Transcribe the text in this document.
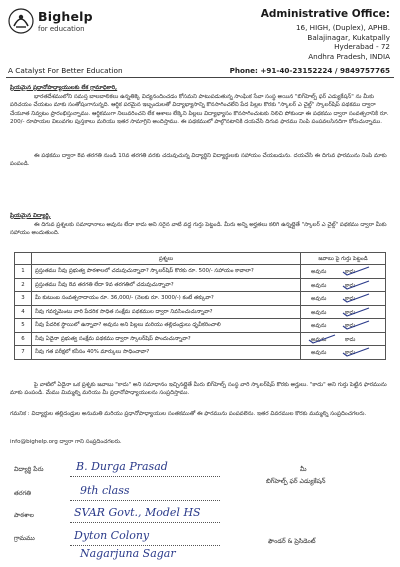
Bighelp
for education
A Catalyst For Better Education
Administrative Office:
16, HIGH, (Duplex), APHB.
Balajinagar, Kukatpally
Hyderabad - 72
Andhra Pradesh, INDIA
Phone: +91-40-23152224 / 9849757765
ప్రియమైన ప్రధానోపాధ్యాయులకు లేక గ్రామాధికారి,
భారతదేశములోని సమస్త బాలబాలికలు ఉన్నతిక్కె విద్యనందించడం కోసమని పాటుపడుతున్న సాంఘిక సేవా సంస్థ అయిన "బిగ్‌హెల్ప్ ఫర్ ఎడ్యుకేషన్" ను మీకు పరిచయం చేయటం మాకు సంతోషంగానున్నది. ఆర్థిక పరమైన ఇబ్బందులతో విద్యాభ్యాసాన్ని కొనసాగించలేని పేద పిల్లల కొరకు "స్కాలర్ ఎ చైల్డ్" స్కాలర్‌షిప్ పథకము ద్వారా చేయూత నివ్వటం ప్రారంభిస్తున్నాము. ఆర్థికముగా నిలువరించని లేక ఆశాలు లేక్కెని పిల్లలు విద్యాభ్యాసం కొనసాగించుటకు నిలిచి పోకుండా ఈ పథకము ద్వారా సంవత్సరానికి రూ. 200/- రూపాయల విలువగల పుస్తకాలు మరియు ఇతర సామాగ్రిని అందిస్తాము. ఈ పథకములో పాల్గొనటానికి దయచేసి దిగువ ఫారము నింపి పంపవలసినదిగా కోరుచున్నాము.
ఈ పథకము ద్వారా 8వ తరగతి నుండి 10వ తరగతి వరకు చదువుచున్న విద్యార్థిని విద్యార్థులకు సహాయం చేయబడును. దయచేసి ఈ దిగువ ఫారమును నింపి మాకు పంపండి.
ప్రియమైన విద్యార్థి,
ఈ దిగువ ప్రశ్నలకు సమాధానాలు అవును లేదా కాదు అని సరైన వాటి వద్ద గుర్తు పెట్టండి. మీరు అన్ని అర్హతలు కలిగి ఉన్నట్లైతే "స్కాలర్ ఎ చైల్డ్" పథకము ద్వారా మీకు సహాయం అందుతుంది.
	ప్రశ్నలు	జవాబు పై గుర్తు పెట్టండి
1	ప్రస్తుతము నీవు ప్రభుత్వ పాఠశాలలో చదువుచున్నావా? స్కాలర్‌షిప్ కొరకు రూ. 500/- సహాయం కావాలా?	అవును కాదు

2	ప్రస్తుతము నీవు 8వ తరగతి లేదా 9వ తరగతిలో చదువుచున్నావా?	అవును కాదు

3	మీ కుటుంబ సంవత్సరాదాయం రూ. 36,000/- (నెలకు రూ. 3000/-) కంటే తక్కువా?	అవును కాదు

4	నీవు గవర్నమెంటు వారి పేదరిక సాధిత సంక్షేమ పథకముల ద్వారా నివసించుచున్నావా?	అవును కాదు

5	నీవు పేదరిక స్థాయిలో ఉన్నావా? అవును అని పిల్లలు మరియు తల్లిదండ్రులు ధృవీకరించాలి	అవును కాదు

6	నీవు ఏదైనా ప్రభుత్వ సంక్షేమ పథకము ద్వారా స్కాలర్‌షిప్ పొందుచున్నావా?	అవును కాదు

7	నీవు గత పరీక్షలో కనీసం 40% మార్కులు సాధించావా?	అవును కాదు
పై వాటిలో ఏదైనా ఒక ప్రశ్నకు జవాబు "కాదు" అని సమాధానం ఇచ్చినట్లైతే మీరు బిగ్‌హెల్ప్ సంస్థ వారి స్కాలర్‌షిప్ కొరకు అర్హులు. "కాదు" అని గుర్తు పెట్టిన ఫారమును మాకు పంపండి. మేము మిమ్మల్ని మరియు మీ ప్రధానోపాధ్యాయులను సంప్రదిస్తాము.
గమనిక : విద్యార్థుల తల్లిదండ్రుల అనుమతి మరియు ప్రధానోపాధ్యాయుల సంతకముతో ఈ ఫారమును పంపవలెను. ఇతర వివరముల కొరకు మమ్మల్ని సంప్రదించగలరు.
info@bighelp.org ద్వారా గాని సంప్రదించగలరు.
విద్యార్థి పేరు	B. Durga Prasad
తరగతి	9th class
పాఠశాల	SVAR Govt., Model HS
గ్రామము	Dyton Colony
Nagarjuna Sagar
మీ
బిగ్‌హెల్ప్ ఫర్ ఎడ్యుకేషన్
ఫౌండర్ & ప్రెసిడెంట్
